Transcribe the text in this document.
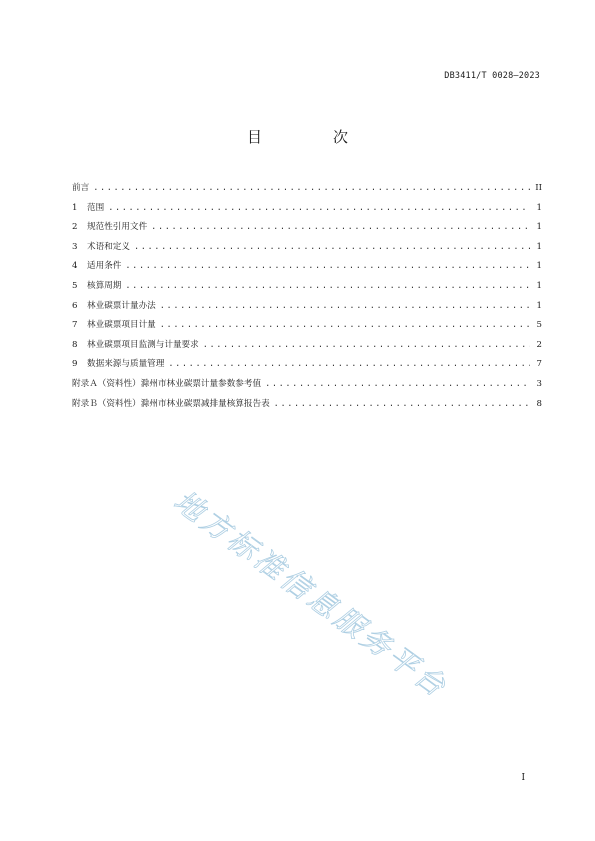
DB3411/T 0028—2023
目　次
前言 .....	II
1 范围 .....	1
2 规范性引用文件 .....	1
3 术语和定义 .....	1
4 适用条件 .....	1
5 核算周期 .....	1
6 林业碳票计量办法 .....	1
7 林业碳票项目计量 .....	5
8 林业碳票项目监测与计量要求 .....	2
9 数据来源与质量管理 .....	7
附录Ａ（资料性）滁州市林业碳票计量参数参考值 .....	3
附录Ｂ（资料性）滁州市林业碳票减排量核算报告表 .....	8
地方标准信息服务平台
I
